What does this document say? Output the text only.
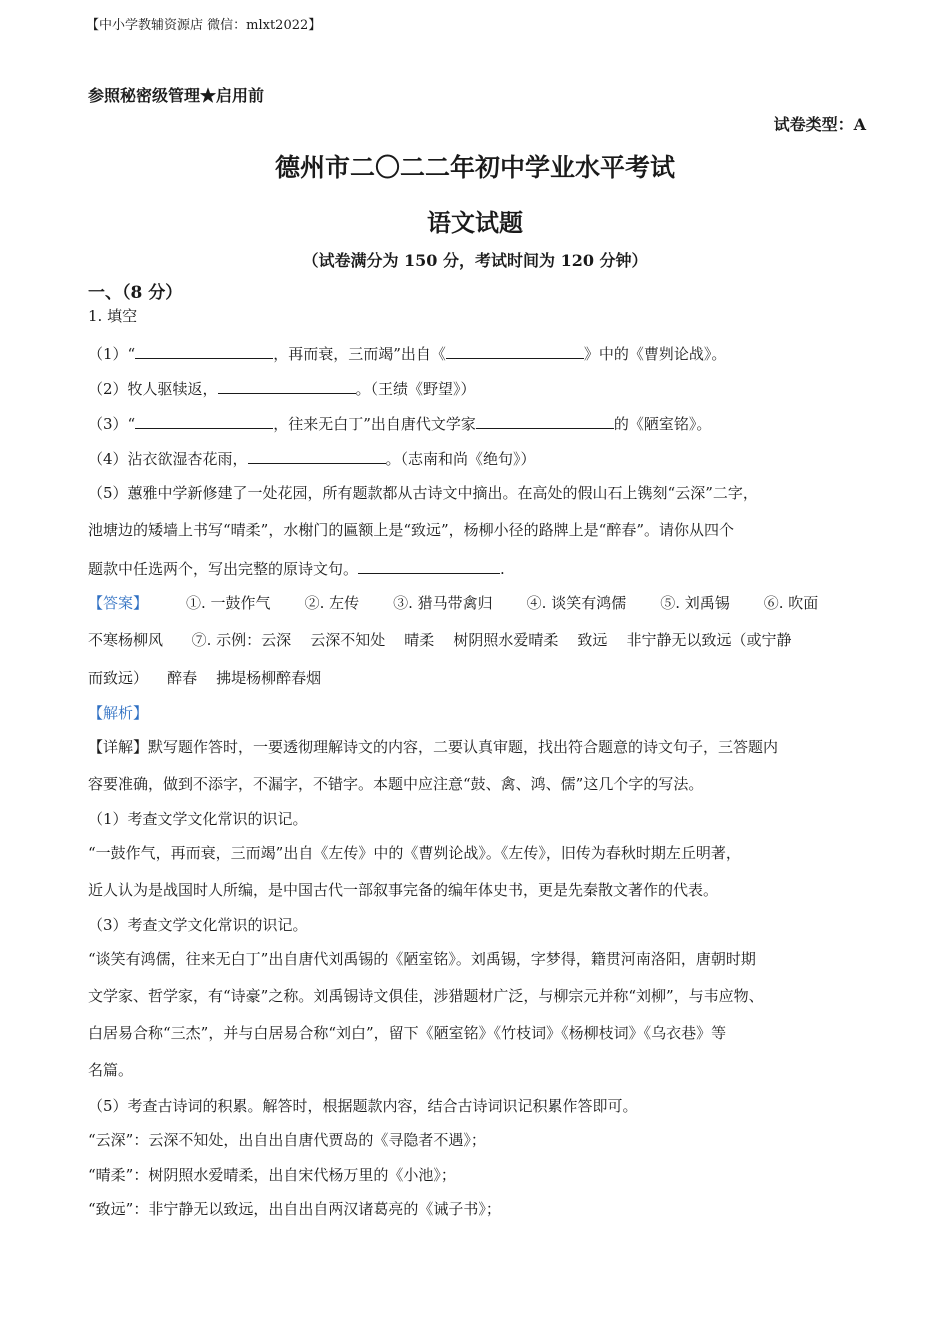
【中小学教辅资源店 微信：mlxt2022】
参照秘密级管理★启用前
试卷类型：A
德州市二〇二二年初中学业水平考试
语文试题
（试卷满分为 150 分，考试时间为 120 分钟）
一、（8 分）
1. 填空
（1）“	，再而衰，三而竭”出自《	》中的《曹刿论战》。
（2）牧人驱犊返，	。（王绩《野望》）
（3）“	，往来无白丁”出自唐代文学家	的《陋室铭》。
（4）沾衣欲湿杏花雨，	。（志南和尚《绝句》）
（5）蕙雅中学新修建了一处花园，所有题款都从古诗文中摘出。在高处的假山石上镌刻“云深”二字，
池塘边的矮墙上书写“晴柔”，水榭门的匾额上是“致远”，杨柳小径的路牌上是“醉春”。请你从四个
题款中任选两个，写出完整的原诗文句。	.
【答案】	①. 一鼓作气 ②. 左传 ③. 猎马带禽归 ④. 谈笑有鸿儒 ⑤. 刘禹锡 ⑥. 吹面
不寒杨柳风      ⑦. 示例：云深    云深不知处    晴柔    树阴照水爱晴柔    致远    非宁静无以致远（或宁静
而致远）    醉春    拂堤杨柳醉春烟
【解析】
【详解】默写题作答时，一要透彻理解诗文的内容，二要认真审题，找出符合题意的诗文句子，三答题内
容要准确，做到不添字，不漏字，不错字。本题中应注意“鼓、禽、鸿、儒”这几个字的写法。
（1）考查文学文化常识的识记。
“一鼓作气，再而衰，三而竭”出自《左传》中的《曹刿论战》。《左传》，旧传为春秋时期左丘明著，
近人认为是战国时人所编，是中国古代一部叙事完备的编年体史书，更是先秦散文著作的代表。
（3）考查文学文化常识的识记。
“谈笑有鸿儒，往来无白丁”出自唐代刘禹锡的《陋室铭》。刘禹锡，字梦得，籍贯河南洛阳，唐朝时期
文学家、哲学家，有“诗豪”之称。刘禹锡诗文俱佳，涉猎题材广泛，与柳宗元并称“刘柳”，与韦应物、
白居易合称“三杰”，并与白居易合称“刘白”，留下《陋室铭》《竹枝词》《杨柳枝词》《乌衣巷》等
名篇。
（5）考查古诗词的积累。解答时，根据题款内容，结合古诗词识记积累作答即可。
“云深”：云深不知处，出自出自唐代贾岛的《寻隐者不遇》；
“晴柔”：树阴照水爱晴柔，出自宋代杨万里的《小池》；
“致远”：非宁静无以致远，出自出自两汉诸葛亮的《诫子书》；
